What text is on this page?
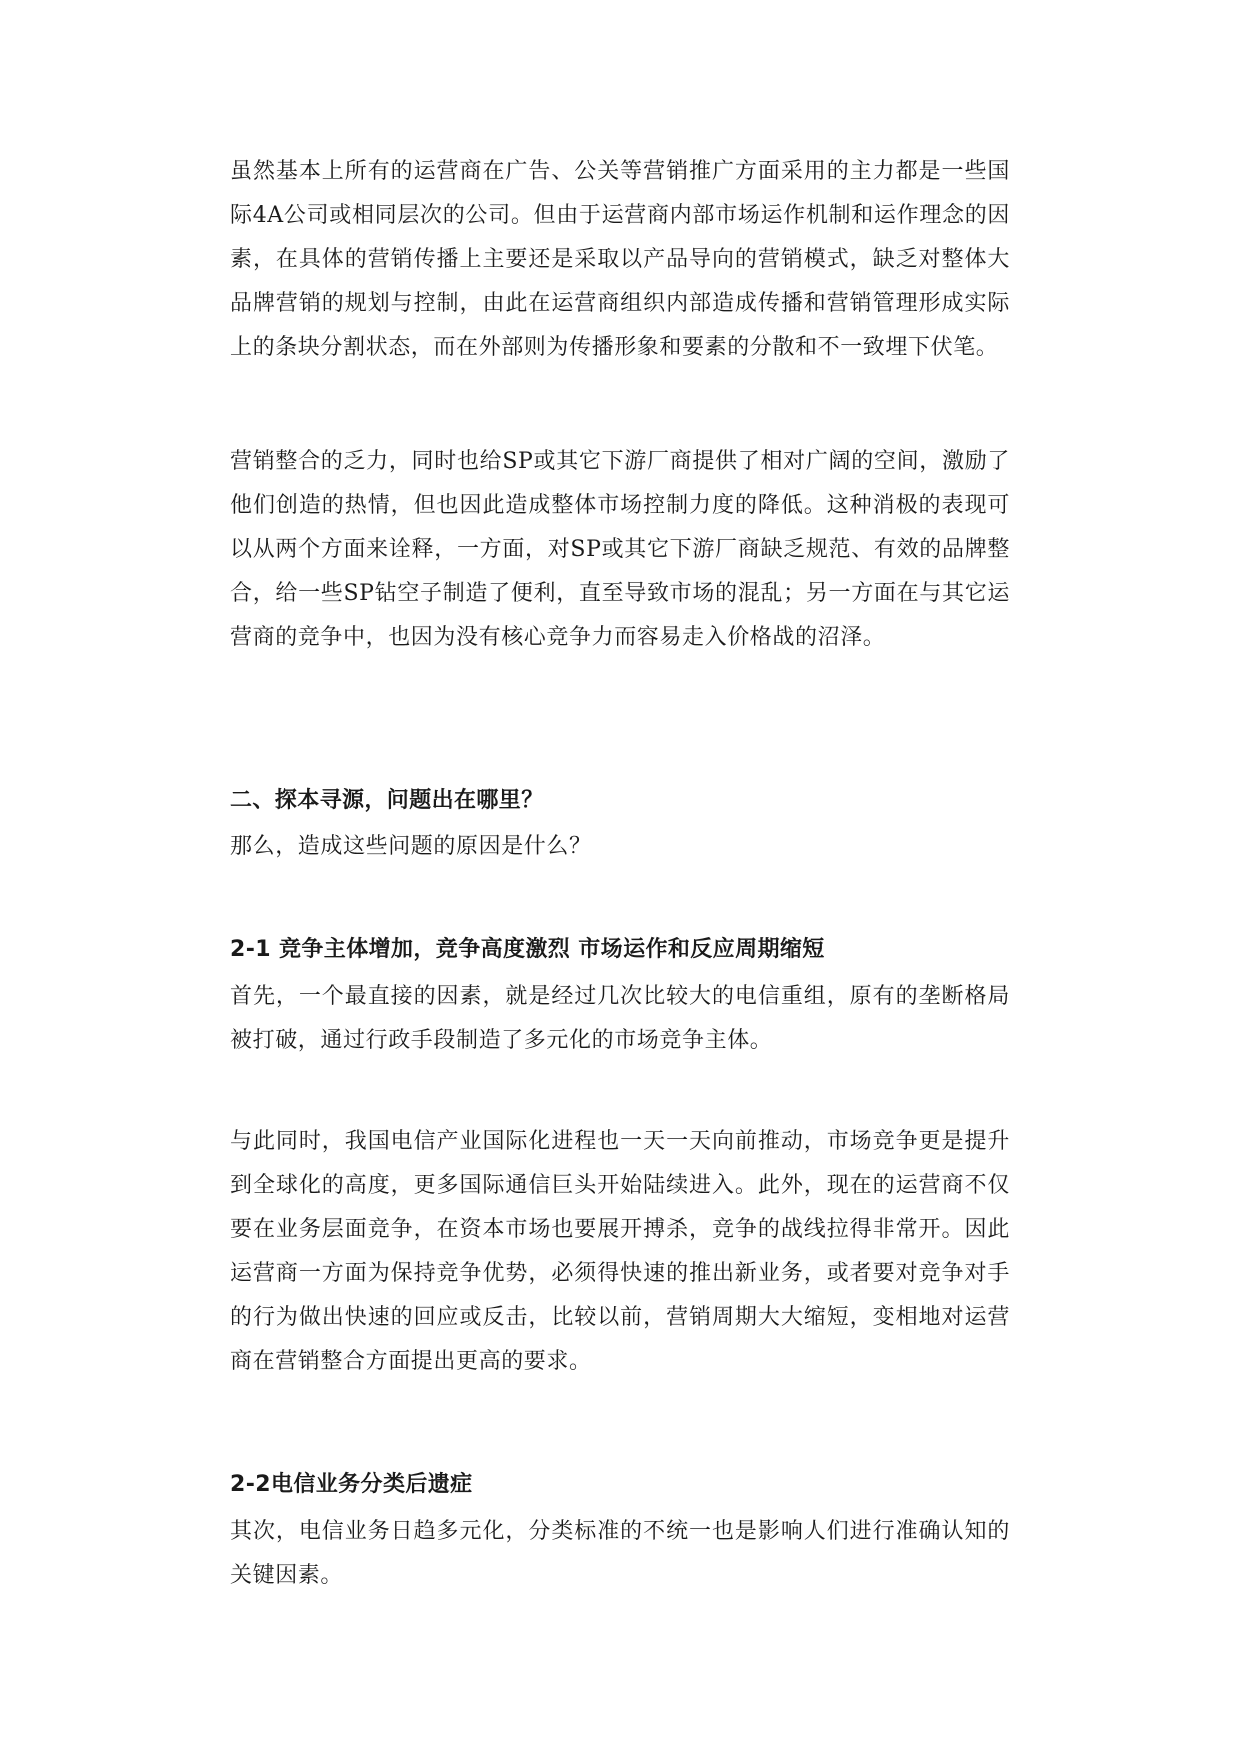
虽然基本上所有的运营商在广告、公关等营销推广方面采用的主力都是一些国际4A公司或相同层次的公司。但由于运营商内部市场运作机制和运作理念的因素，在具体的营销传播上主要还是采取以产品导向的营销模式，缺乏对整体大品牌营销的规划与控制，由此在运营商组织内部造成传播和营销管理形成实际上的条块分割状态，而在外部则为传播形象和要素的分散和不一致埋下伏笔。

营销整合的乏力，同时也给SP或其它下游厂商提供了相对广阔的空间，激励了他们创造的热情，但也因此造成整体市场控制力度的降低。这种消极的表现可以从两个方面来诠释，一方面，对SP或其它下游厂商缺乏规范、有效的品牌整合，给一些SP钻空子制造了便利，直至导致市场的混乱；另一方面在与其它运营商的竞争中，也因为没有核心竞争力而容易走入价格战的沼泽。

二、探本寻源，问题出在哪里？

那么，造成这些问题的原因是什么？

2-1 竞争主体增加，竞争高度激烈 市场运作和反应周期缩短

首先，一个最直接的因素，就是经过几次比较大的电信重组，原有的垄断格局被打破，通过行政手段制造了多元化的市场竞争主体。

与此同时，我国电信产业国际化进程也一天一天向前推动，市场竞争更是提升到全球化的高度，更多国际通信巨头开始陆续进入。此外，现在的运营商不仅要在业务层面竞争，在资本市场也要展开搏杀，竞争的战线拉得非常开。因此运营商一方面为保持竞争优势，必须得快速的推出新业务，或者要对竞争对手的行为做出快速的回应或反击，比较以前，营销周期大大缩短，变相地对运营商在营销整合方面提出更高的要求。

2-2电信业务分类后遗症

其次，电信业务日趋多元化，分类标准的不统一也是影响人们进行准确认知的关键因素。
